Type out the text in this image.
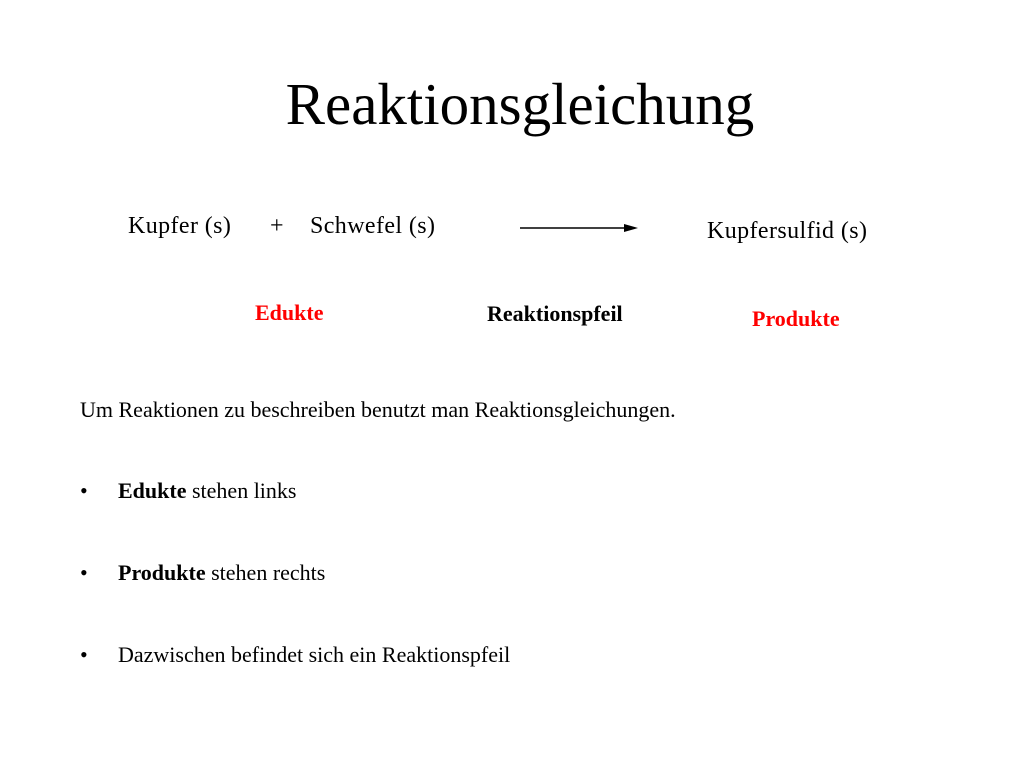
Reaktionsgleichung
Kupfer (s) + Schwefel (s)	Kupfersulfid (s)
Edukte	Reaktionspfeil	Produkte
Um Reaktionen zu beschreiben benutzt man Reaktionsgleichungen.
• Edukte stehen links
• Produkte stehen rechts
• Dazwischen befindet sich ein Reaktionspfeil
